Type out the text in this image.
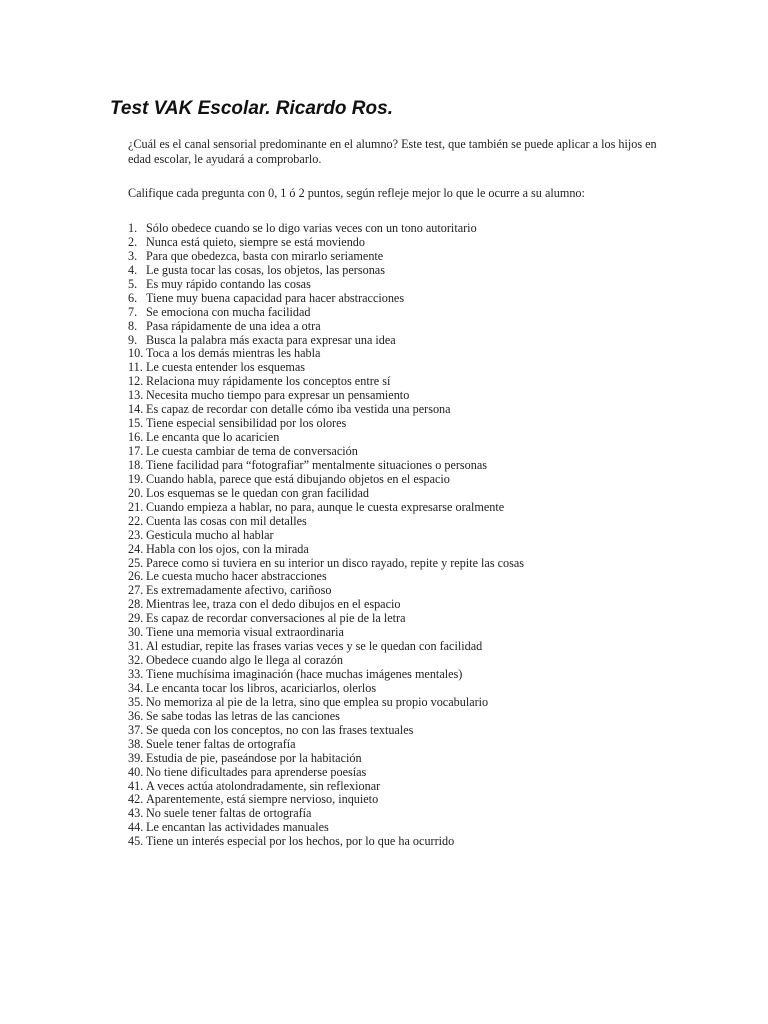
Test VAK Escolar. Ricardo Ros.

¿Cuál es el canal sensorial predominante en el alumno? Este test, que también se puede aplicar a los hijos en edad escolar, le ayudará a comprobarlo.

Califique cada pregunta con 0, 1 ó 2 puntos, según refleje mejor lo que le ocurre a su alumno:

1. Sólo obedece cuando se lo digo varias veces con un tono autoritario
2. Nunca está quieto, siempre se está moviendo
3. Para que obedezca, basta con mirarlo seriamente
4. Le gusta tocar las cosas, los objetos, las personas
5. Es muy rápido contando las cosas
6. Tiene muy buena capacidad para hacer abstracciones
7. Se emociona con mucha facilidad
8. Pasa rápidamente de una idea a otra
9. Busca la palabra más exacta para expresar una idea
10. Toca a los demás mientras les habla
11. Le cuesta entender los esquemas
12. Relaciona muy rápidamente los conceptos entre sí
13. Necesita mucho tiempo para expresar un pensamiento
14. Es capaz de recordar con detalle cómo iba vestida una persona
15. Tiene especial sensibilidad por los olores
16. Le encanta que lo acaricien
17. Le cuesta cambiar de tema de conversación
18. Tiene facilidad para “fotografiar” mentalmente situaciones o personas
19. Cuando habla, parece que está dibujando objetos en el espacio
20. Los esquemas se le quedan con gran facilidad
21. Cuando empieza a hablar, no para, aunque le cuesta expresarse oralmente
22. Cuenta las cosas con mil detalles
23. Gesticula mucho al hablar
24. Habla con los ojos, con la mirada
25. Parece como si tuviera en su interior un disco rayado, repite y repite las cosas
26. Le cuesta mucho hacer abstracciones
27. Es extremadamente afectivo, cariñoso
28. Mientras lee, traza con el dedo dibujos en el espacio
29. Es capaz de recordar conversaciones al pie de la letra
30. Tiene una memoria visual extraordinaria
31. Al estudiar, repite las frases varias veces y se le quedan con facilidad
32. Obedece cuando algo le llega al corazón
33. Tiene muchísima imaginación (hace muchas imágenes mentales)
34. Le encanta tocar los libros, acariciarlos, olerlos
35. No memoriza al pie de la letra, sino que emplea su propio vocabulario
36. Se sabe todas las letras de las canciones
37. Se queda con los conceptos, no con las frases textuales
38. Suele tener faltas de ortografía
39. Estudia de pie, paseándose por la habitación
40. No tiene dificultades para aprenderse poesías
41. A veces actúa atolondradamente, sin reflexionar
42. Aparentemente, está siempre nervioso, inquieto
43. No suele tener faltas de ortografía
44. Le encantan las actividades manuales
45. Tiene un interés especial por los hechos, por lo que ha ocurrido
